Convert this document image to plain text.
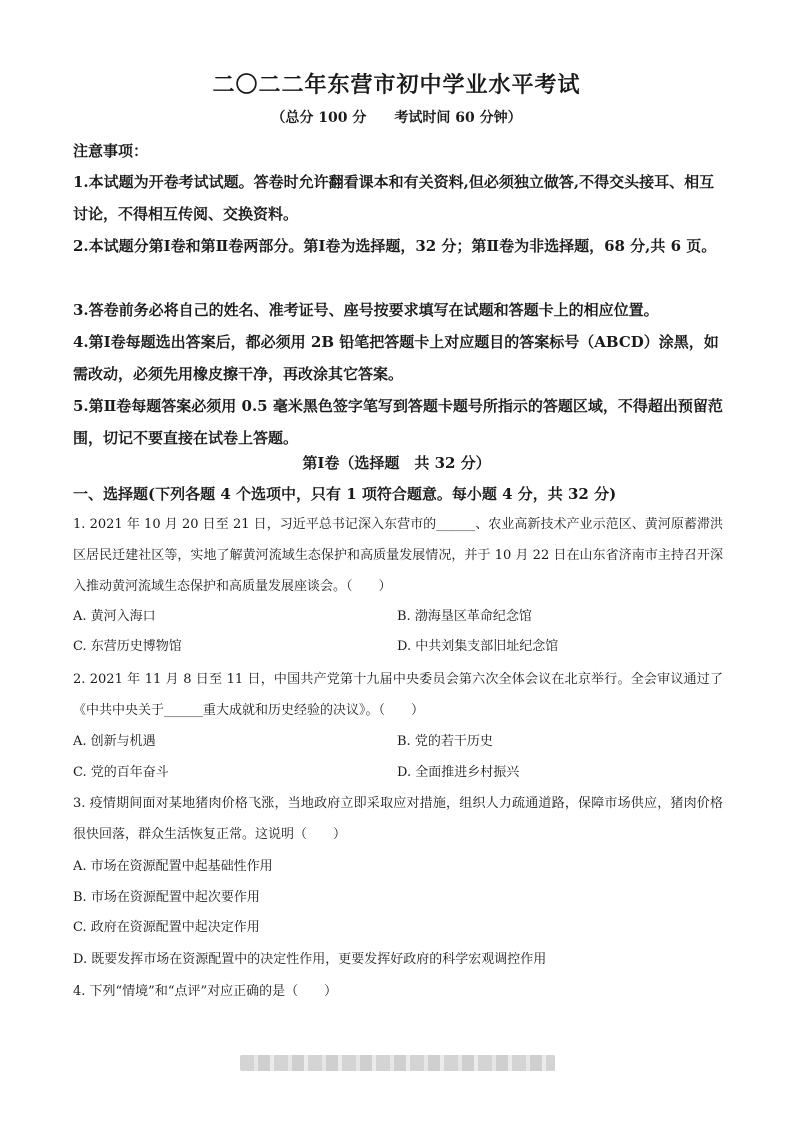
二〇二二年东营市初中学业水平考试
（总分 100 分　　考试时间 60 分钟）
注意事项：
1.本试题为开卷考试试题。答卷时允许翻看课本和有关资料,但必须独立做答,不得交头接耳、相互讨论，不得相互传阅、交换资料。
2.本试题分第Ⅰ卷和第Ⅱ卷两部分。第Ⅰ卷为选择题，32 分；第Ⅱ卷为非选择题，68 分,共 6 页。
3.答卷前务必将自己的姓名、准考证号、座号按要求填写在试题和答题卡上的相应位置。
4.第Ⅰ卷每题选出答案后，都必须用 2B 铅笔把答题卡上对应题目的答案标号（ABCD）涂黑，如需改动，必须先用橡皮擦干净，再改涂其它答案。
5.第Ⅱ卷每题答案必须用 0.5 毫米黑色签字笔写到答题卡题号所指示的答题区域，不得超出预留范围，切记不要直接在试卷上答题。
第Ⅰ卷（选择题　共 32 分）
一、选择题(下列各题 4 个选项中，只有 1 项符合题意。每小题 4 分，共 32 分)
1. 2021 年 10 月 20 日至 21 日，习近平总书记深入东营市的______、农业高新技术产业示范区、黄河原蓄滞洪区居民迁建社区等，实地了解黄河流域生态保护和高质量发展情况，并于 10 月 22 日在山东省济南市主持召开深入推动黄河流域生态保护和高质量发展座谈会。（　　）
A. 黄河入海口	B. 渤海垦区革命纪念馆
C. 东营历史博物馆	D. 中共刘集支部旧址纪念馆
2. 2021 年 11 月 8 日至 11 日，中国共产党第十九届中央委员会第六次全体会议在北京举行。全会审议通过了《中共中央关于______重大成就和历史经验的决议》。（　　）
A. 创新与机遇	B. 党的若干历史
C. 党的百年奋斗	D. 全面推进乡村振兴
3. 疫情期间面对某地猪肉价格飞涨，当地政府立即采取应对措施，组织人力疏通道路，保障市场供应，猪肉价格很快回落，群众生活恢复正常。这说明（　　）
A. 市场在资源配置中起基础性作用
B. 市场在资源配置中起次要作用
C. 政府在资源配置中起决定作用
D. 既要发挥市场在资源配置中的决定性作用，更要发挥好政府的科学宏观调控作用
4. 下列“情境”和“点评”对应正确的是（　　）
